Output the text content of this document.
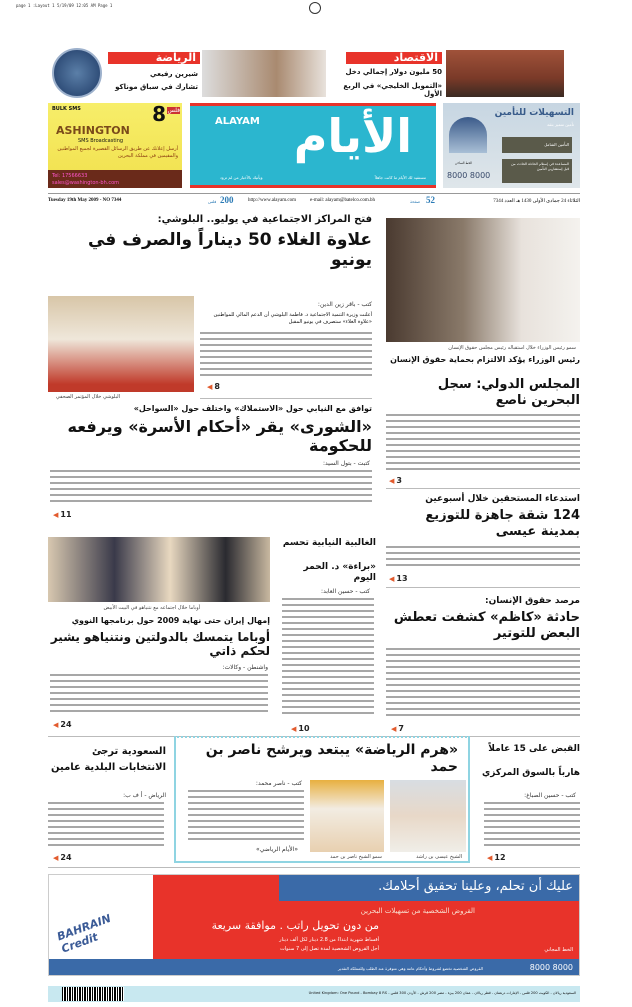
page 1 :Layout 1 5/19/09 12:05 AM Page 1
الرياضة
شيرين رفيعي
تشارك في سباق موناكو
الاقتصاد
50 مليون دولار إجمالي دخل
«التمويل الخليجي» في الربع الأول
BULK SMS	8 فلس
ASHINGTON
SMS Broadcasting
أرسل إعلانك عن طريق الرسائل القصيرة لجميع المواطنين والمقيمين في مملكة البحرين
Tel: 17566633
sales@washington-bh.com
ALAYAM الأيام
مستفيد لك الأيام ما كانت جاهلاً
ويأتيك بالأخبار من لم تزود
التسهيلات للتأمين
تأمين متميز بثقة
التأمين الشامل
المساعدة في إستلام الحادثة الحادث من قبل إستشاريي التأمين
الخط الساخن
8000 8000
Tuesday 19th May 2009 - NO 7344	فلس 200	http://www.alayam.com	e-mail: alayam@batelco.com.bh	صفحة 52	الثلاثاء 24 جمادى الأولى 1430 هـ العدد 7344
فتح المراكز الاجتماعية في يوليو.. البلوشي:
علاوة الغلاء 50 ديناراً والصرف في يونيو
البلوشي خلال المؤتمر الصحفي
كتب - باقر زين الدين:
أعلنت وزيرة التنمية الاجتماعية د. فاطمة البلوشي أن الدعم المالي للمواطنين «علاوة الغلاء» ستصرف في يونيو المقبل
◀ 8
سمو رئيس الوزراء خلال استقباله رئيس مجلس حقوق الإنسان
رئيس الوزراء يؤكد الالتزام بحماية حقوق الإنسان
المجلس الدولي: سجل البحرين ناصع
◀ 3
توافق مع النيابي حول «الاستملاك» واختلف حول «السواحل»
«الشورى» يقر «أحكام الأسرة» ويرفعه للحكومة
كتبت - بتول السيد:
◀ 11
استدعاء المستحقين خلال أسبوعين
124 شقة جاهزة للتوزيع بمدينة عيسى
◀ 13
أوباما خلال اجتماعه مع نتنياهو في البيت الأبيض
إمهال إيران حتى نهاية 2009 حول برنامجها النووي
أوباما يتمسك بالدولتين ونتنياهو يشير لحكم ذاتي
واشنطن - وكالات:
◀ 24
الغالبية النيابية تحسم
«براءة» د. الحمر اليوم
كتب - حسين العابد:
◀ 10
مرصد حقوق الإنسان:
حادثة «كاظم» كشفت تعطش البعض للتوتير
◀ 7
السعودية ترجئ
الانتخابات البلدية عامين
الرياض - أ ف ب:
◀ 24
«هرم الرياضة» يبتعد ويرشح ناصر بن حمد
كتب - ناصر محمد:
«الأيام الرياضي»
سمو الشيخ ناصر بن حمد	الشيخ عيسى بن راشد
القبض على 15 عاملاً
هارباً بالسوق المركزي
كتب - حسين الصباغ:
◀ 12
BAHRAIN Credit
عليك أن تحلم، وعلينا تحقيق أحلامك.
القروض الشخصية من تسهيلات البحرين
من دون تحويل راتب . موافقة سريعة
أقساط شهرية ابتداءً من 2.8 دينار لكل ألف دينار
أجل القروض الشخصية لمدة تصل إلى 7 سنوات	الخط المجاني
8000 8000
القروض الشخصية تخضع لشروط وأحكام عامة وهي متوفرة عند الطلب وللمملكة التقدير
السعودية ريالان - الكويت 200 فلس - الإمارات درهمان - قطر ريالان - عمان 200 بيزة - مصر 200 قرش - الأردن 300 فلس - United Kingdom: One Pound - Bombay 8 RS
